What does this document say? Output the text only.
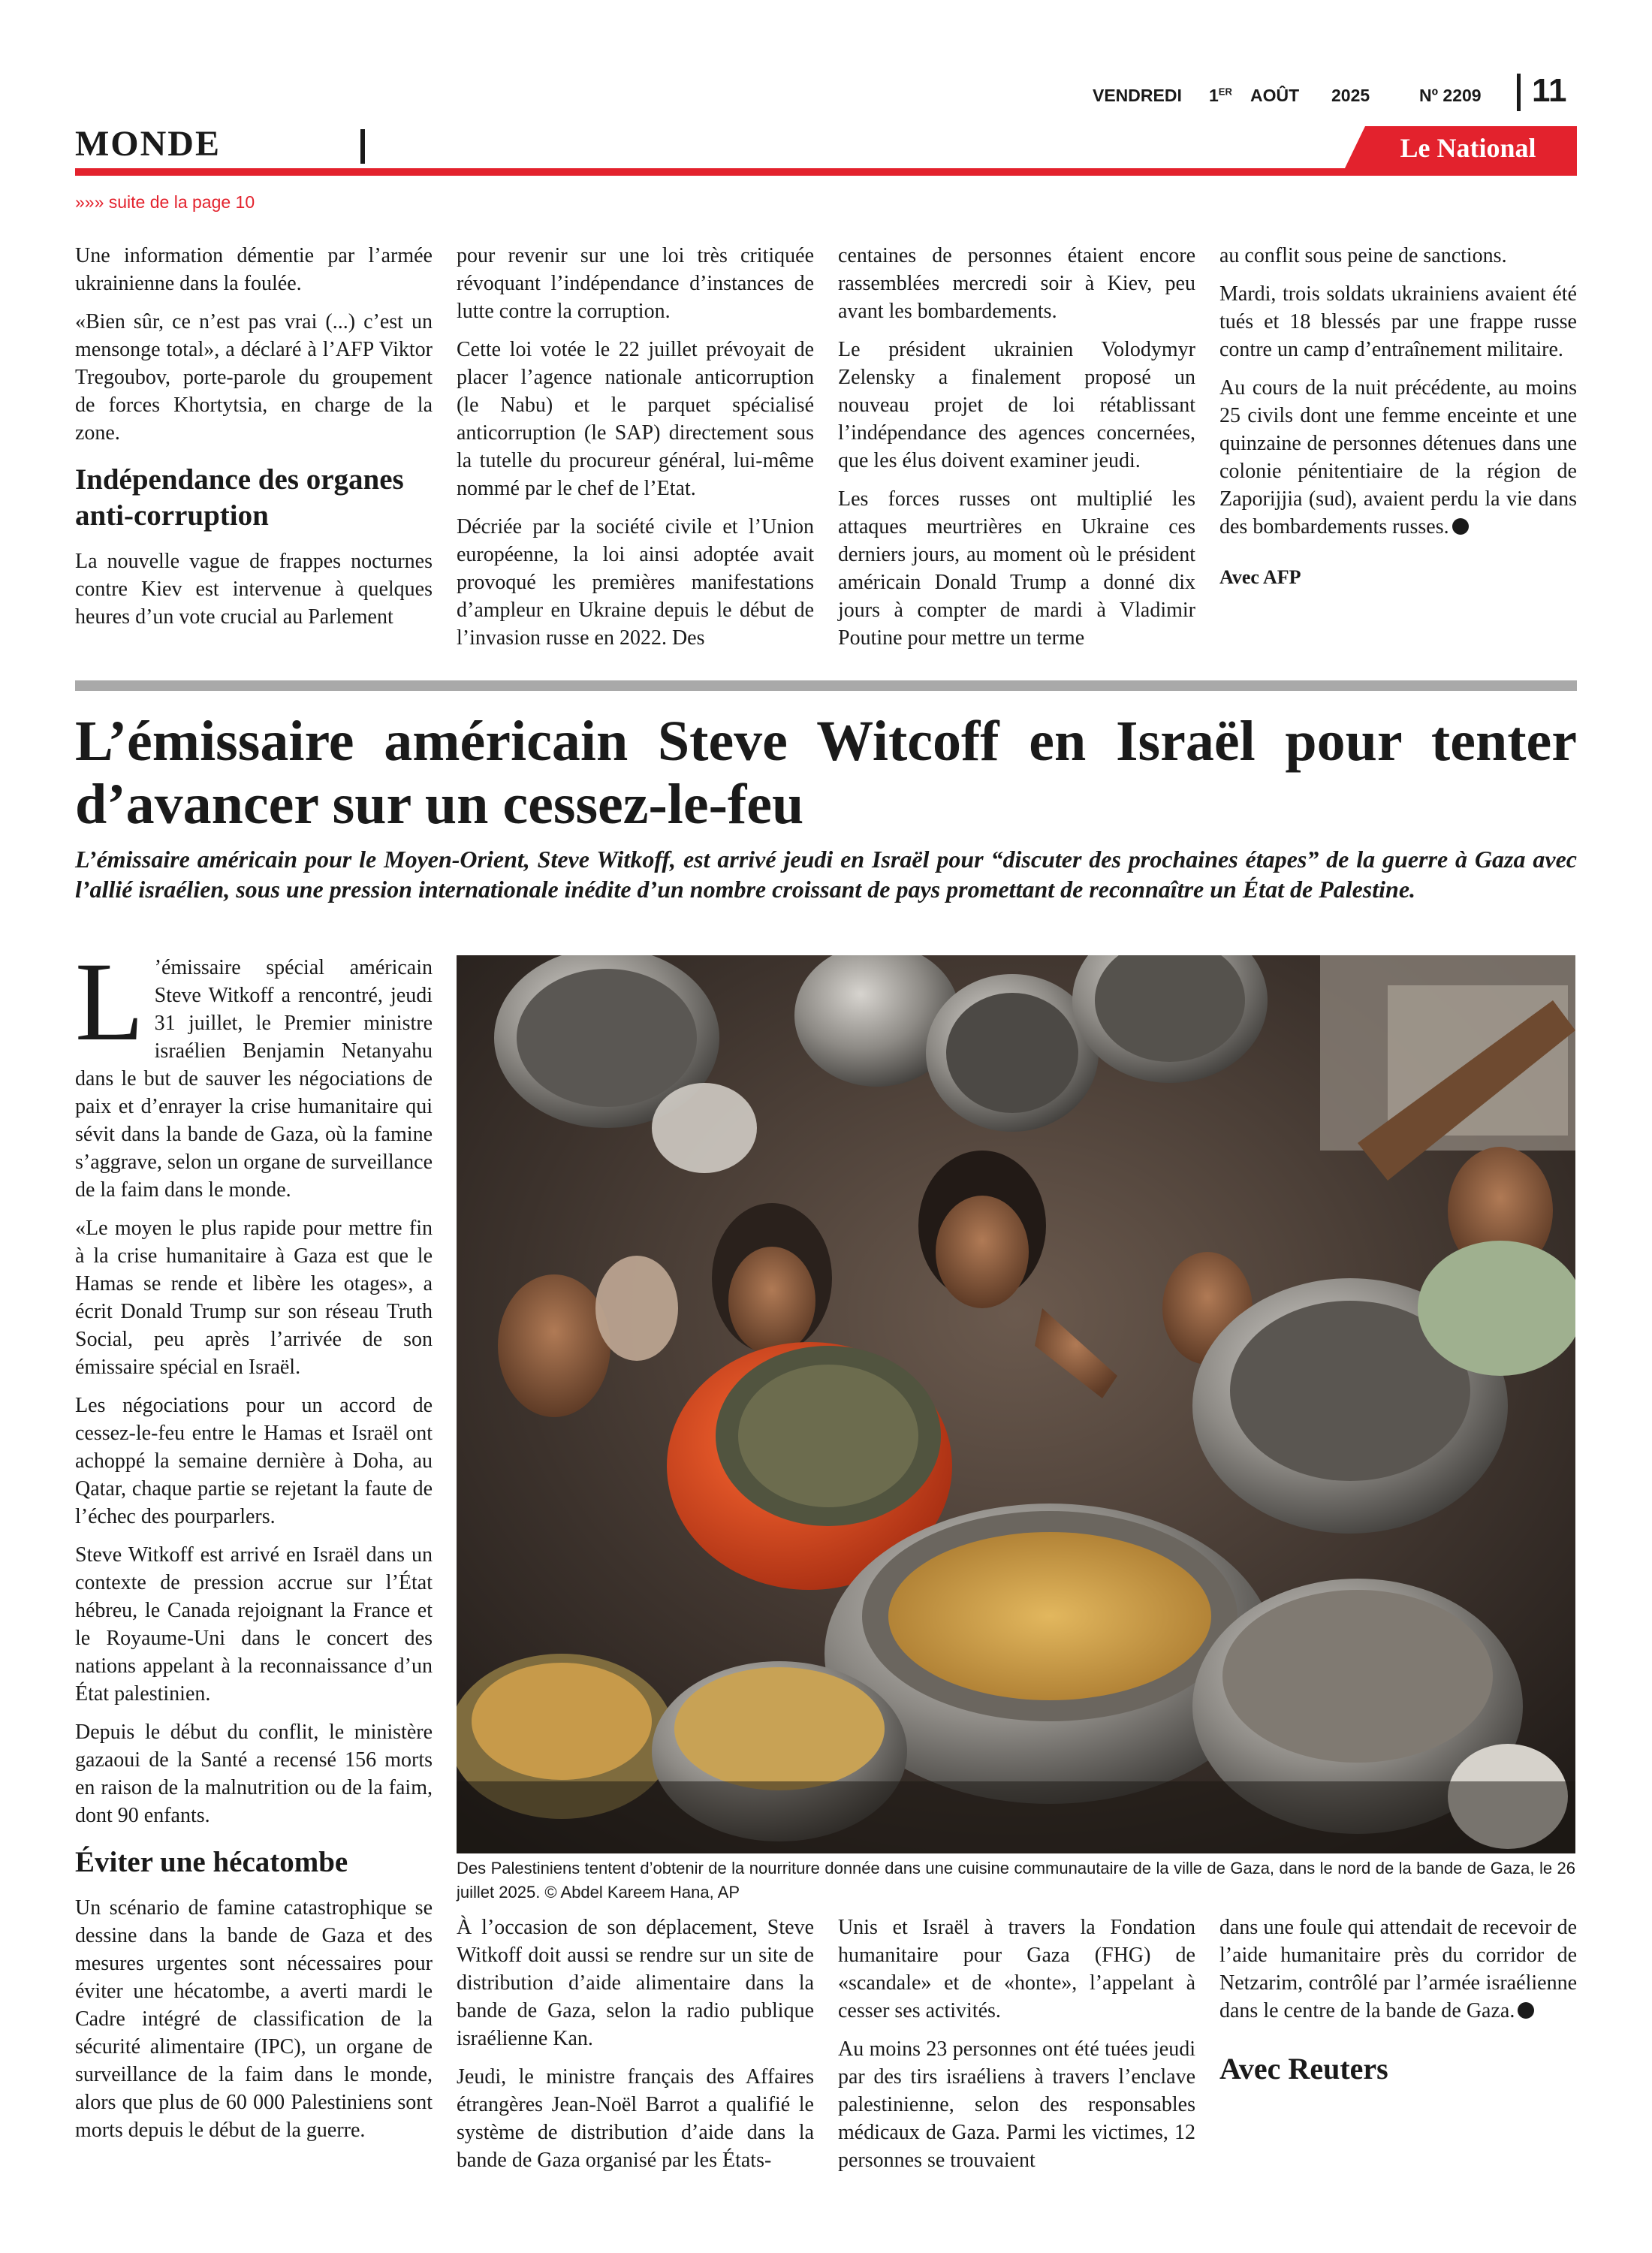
VENDREDI 1ER AOÛT 2025	Nº 2209 11
MONDE	Le National
»»» suite de la page 10

Une information démentie par l’armée ukrainienne dans la foulée.

«Bien sûr, ce n’est pas vrai (...) c’est un mensonge total», a déclaré à l’AFP Viktor Tregoubov, porte-parole du groupement de forces Khortytsia, en charge de la zone.

Indépendance des organes anti-corruption

La nouvelle vague de frappes nocturnes contre Kiev est intervenue à quelques heures d’un vote crucial au Parlement

pour revenir sur une loi très critiquée révoquant l’indépendance d’instances de lutte contre la corruption.

Cette loi votée le 22 juillet prévoyait de placer l’agence nationale anticorruption (le Nabu) et le parquet spécialisé anticorruption (le SAP) directement sous la tutelle du procureur général, lui-même nommé par le chef de l’Etat.

Décriée par la société civile et l’Union européenne, la loi ainsi adoptée avait provoqué les premières manifestations d’ampleur en Ukraine depuis le début de l’invasion russe en 2022. Des

centaines de personnes étaient encore rassemblées mercredi soir à Kiev, peu avant les bombardements.

Le président ukrainien Volodymyr Zelensky a finalement proposé un nouveau projet de loi rétablissant l’indépendance des agences concernées, que les élus doivent examiner jeudi.

Les forces russes ont multiplié les attaques meurtrières en Ukraine ces derniers jours, au moment où le président américain Donald Trump a donné dix jours à compter de mardi à Vladimir Poutine pour mettre un terme

au conflit sous peine de sanctions.

Mardi, trois soldats ukrainiens avaient été tués et 18 blessés par une frappe russe contre un camp d’entraînement militaire.

Au cours de la nuit précédente, au moins 25 civils dont une femme enceinte et une quinzaine de personnes détenues dans une colonie pénitentiaire de la région de Zaporijjia (sud), avaient perdu la vie dans des bombardements russes.

Avec AFP
L’émissaire américain Steve Witcoff en Israël pour tenter d’avancer sur un cessez-le-feu
L’émissaire américain pour le Moyen-Orient, Steve Witkoff, est arrivé jeudi en Israël pour “discuter des prochaines étapes” de la guerre à Gaza avec l’allié israélien, sous une pression internationale inédite d’un nombre croissant de pays promettant de reconnaître un État de Palestine.

L ’émissaire spécial américain Steve Witkoff a rencontré, jeudi 31 juillet, le Premier ministre israélien Benjamin Netanyahu dans le but de sauver les négociations de paix et d’enrayer la crise humanitaire qui sévit dans la bande de Gaza, où la famine s’aggrave, selon un organe de surveillance de la faim dans le monde.

«Le moyen le plus rapide pour mettre fin à la crise humanitaire à Gaza est que le Hamas se rende et libère les otages», a écrit Donald Trump sur son réseau Truth Social, peu après l’arrivée de son émissaire spécial en Israël.

Les négociations pour un accord de cessez-le-feu entre le Hamas et Israël ont achoppé la semaine dernière à Doha, au Qatar, chaque partie se rejetant la faute de l’échec des pourparlers.

Steve Witkoff est arrivé en Israël dans un contexte de pression accrue sur l’État hébreu, le Canada rejoignant la France et le Royaume-Uni dans le concert des nations appelant à la reconnaissance d’un État palestinien.

Depuis le début du conflit, le ministère gazaoui de la Santé a recensé 156 morts en raison de la malnutrition ou de la faim, dont 90 enfants.

Éviter une hécatombe

Un scénario de famine catastrophique se dessine dans la bande de Gaza et des mesures urgentes sont nécessaires pour éviter une hécatombe, a averti mardi le Cadre intégré de classification de la sécurité alimentaire (IPC), un organe de surveillance de la faim dans le monde, alors que plus de 60 000 Palestiniens sont morts depuis le début de la guerre.

Des Palestiniens tentent d’obtenir de la nourriture donnée dans une cuisine communautaire de la ville de Gaza, dans le nord de la bande de Gaza, le 26 juillet 2025. © Abdel Kareem Hana, AP

À l’occasion de son déplacement, Steve Witkoff doit aussi se rendre sur un site de distribution d’aide alimentaire dans la bande de Gaza, selon la radio publique israélienne Kan.

Jeudi, le ministre français des Affaires étrangères Jean-Noël Barrot a qualifié le système de distribution d’aide dans la bande de Gaza organisé par les États-

Unis et Israël à travers la Fondation humanitaire pour Gaza (FHG) de «scandale» et de «honte», l’appelant à cesser ses activités.

Au moins 23 personnes ont été tuées jeudi par des tirs israéliens à travers l’enclave palestinienne, selon des responsables médicaux de Gaza. Parmi les victimes, 12 personnes se trouvaient

dans une foule qui attendait de recevoir de l’aide humanitaire près du corridor de Netzarim, contrôlé par l’armée israélienne dans le centre de la bande de Gaza.

Avec Reuters
